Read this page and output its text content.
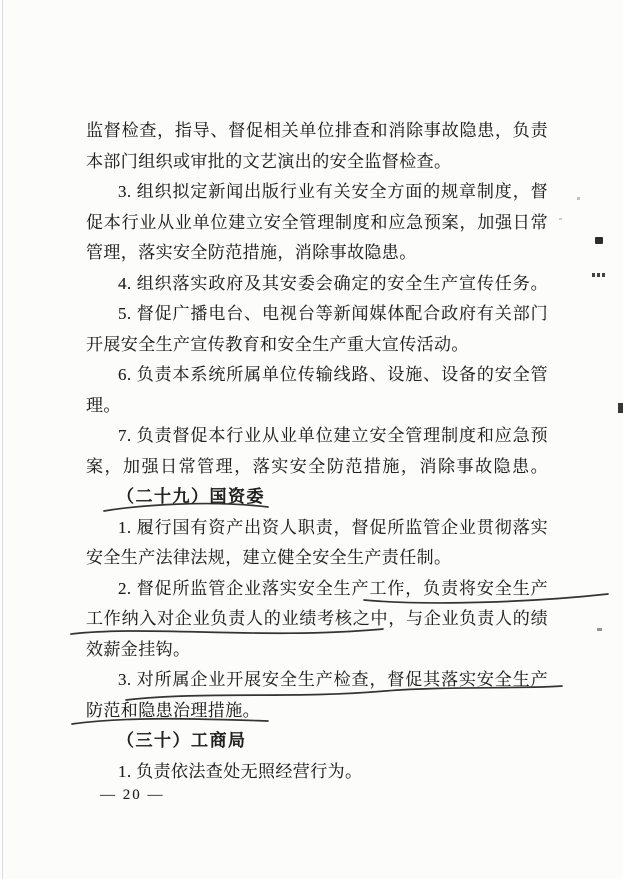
监督检查，指导、督促相关单位排查和消除事故隐患，负责
本部门组织或审批的文艺演出的安全监督检查。
3. 组织拟定新闻出版行业有关安全方面的规章制度，督
促本行业从业单位建立安全管理制度和应急预案，加强日常
管理，落实安全防范措施，消除事故隐患。
4. 组织落实政府及其安委会确定的安全生产宣传任务。
5. 督促广播电台、电视台等新闻媒体配合政府有关部门
开展安全生产宣传教育和安全生产重大宣传活动。
6. 负责本系统所属单位传输线路、设施、设备的安全管
理。
7. 负责督促本行业从业单位建立安全管理制度和应急预
案，加强日常管理，落实安全防范措施，消除事故隐患。
（二十九）国资委
1. 履行国有资产出资人职责，督促所监管企业贯彻落实
安全生产法律法规，建立健全安全生产责任制。
2. 督促所监管企业落实安全生产工作，负责将安全生产
工作纳入对企业负责人的业绩考核之中，与企业负责人的绩
效薪金挂钩。
3. 对所属企业开展安全生产检查，督促其落实安全生产
防范和隐患治理措施。
（三十）工商局
1. 负责依法查处无照经营行为。
— 20 —
